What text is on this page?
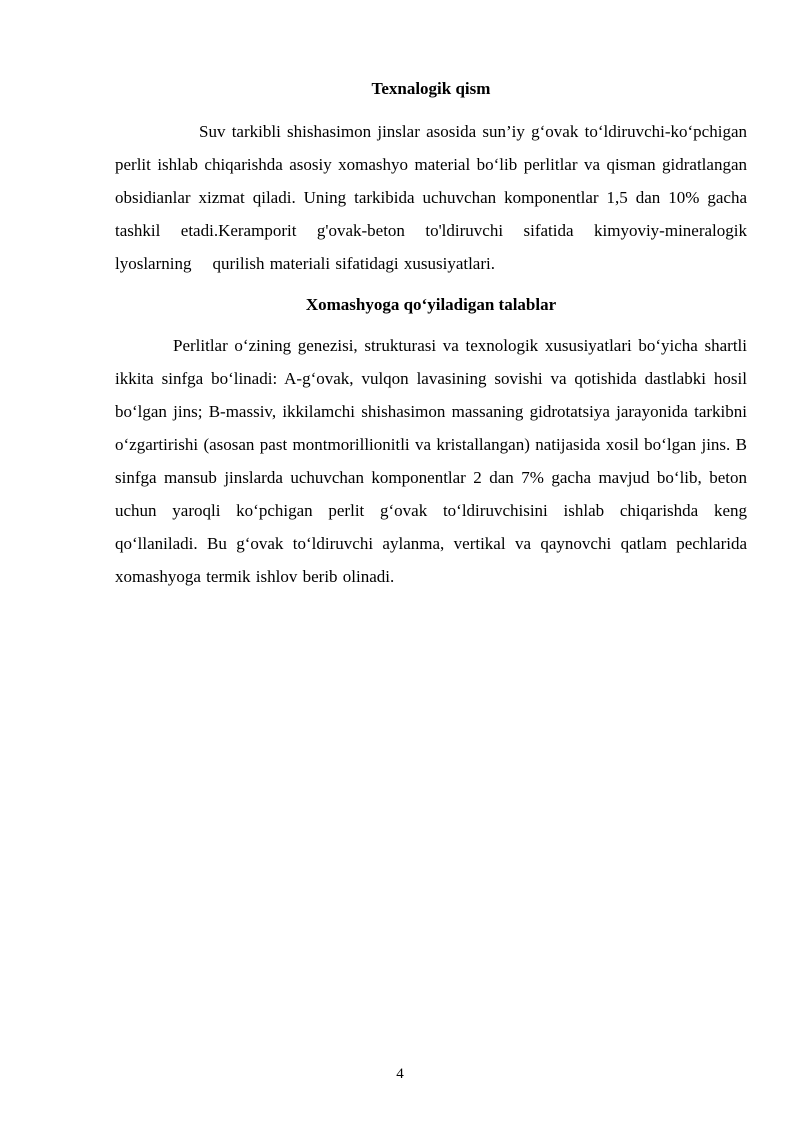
Texnalogik qism

Suv tarkibli shishasimon jinslar asosida sun’iy g‘ovak to‘ldiruvchi-ko‘pchigan perlit ishlab chiqarishda asosiy xomashyo material bo‘lib perlitlar va qisman gidratlangan obsidianlar xizmat qiladi. Uning tarkibida uchuvchan komponentlar 1,5 dan 10% gacha tashkil etadi.Keramporit g'ovak-beton to'ldiruvchi sifatida kimyoviy-mineralogik lyoslarning    qurilish materiali sifatidagi xususiyatlari.

Xomashyoga qo‘yiladigan talablar

Perlitlar o‘zining genezisi, strukturasi va texnologik xususiyatlari bo‘yicha shartli ikkita sinfga bo‘linadi: A-g‘ovak, vulqon lavasining sovishi va qotishida dastlabki hosil bo‘lgan jins; B-massiv, ikkilamchi shishasimon massaning gidrotatsiya jarayonida tarkibni o‘zgartirishi (asosan past montmorillionitli va kristallangan) natijasida xosil bo‘lgan jins. B sinfga mansub jinslarda uchuvchan komponentlar 2 dan 7% gacha mavjud bo‘lib, beton uchun yaroqli ko‘pchigan perlit g‘ovak to‘ldiruvchisini ishlab chiqarishda keng qo‘llaniladi. Bu g‘ovak to‘ldiruvchi aylanma, vertikal va qaynovchi qatlam pechlarida xomashyoga termik ishlov berib olinadi.

4
